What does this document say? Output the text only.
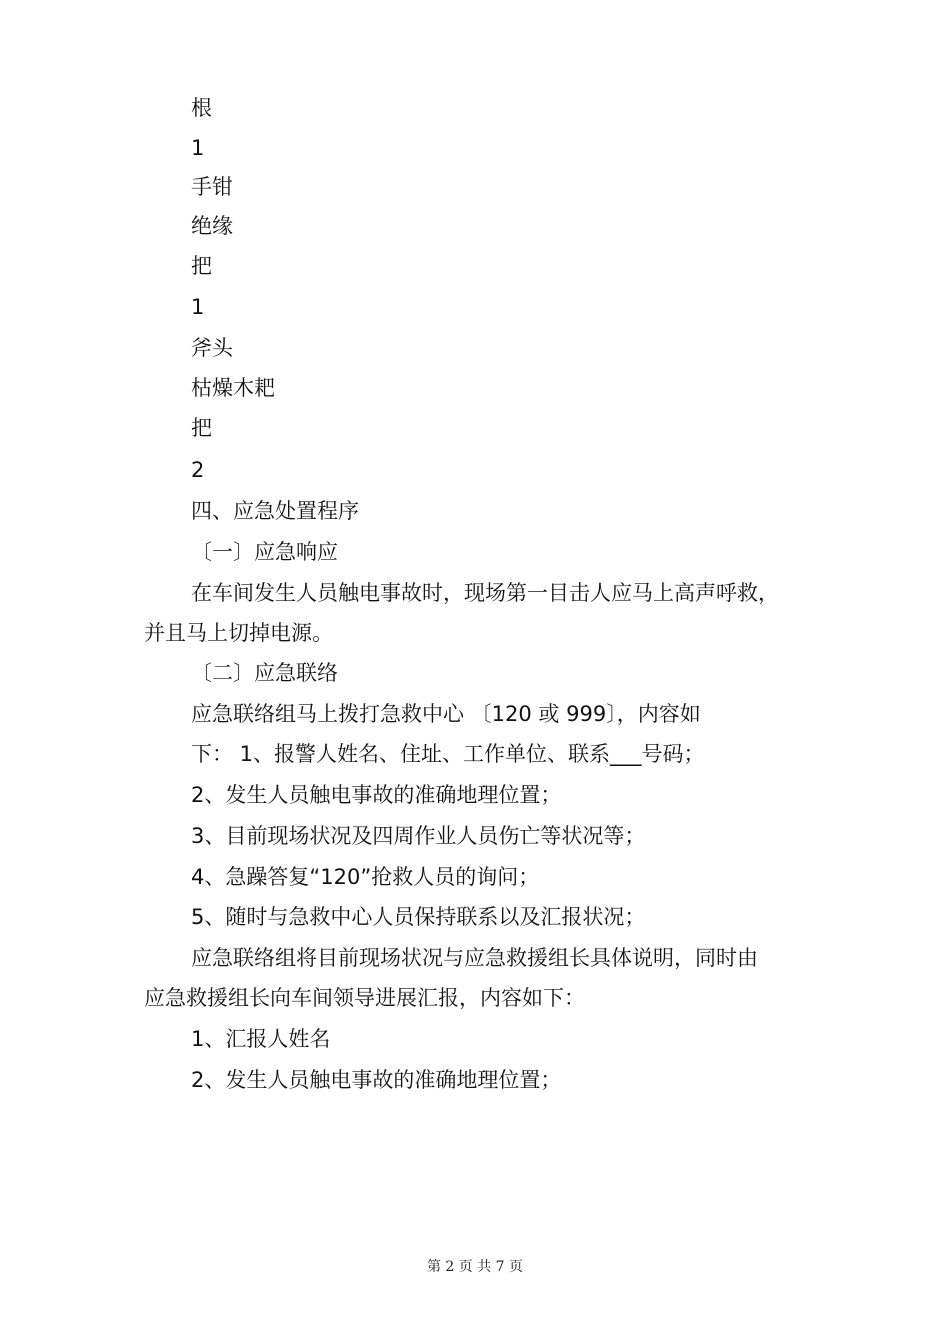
根
1
手钳
绝缘
把
1
斧头
枯燥木耙
把
2
四、应急处置程序
〔一〕应急响应
在车间发生人员触电事故时，现场第一目击人应马上高声呼救，
并且马上切掉电源。
〔二〕应急联络
应急联络组马上拨打急救中心 〔120 或 999〕，内容如
下： 1、报警人姓名、住址、工作单位、联系___号码；
2、发生人员触电事故的准确地理位置；
3、目前现场状况及四周作业人员伤亡等状况等；
4、急躁答复“120”抢救人员的询问；
5、随时与急救中心人员保持联系以及汇报状况；
应急联络组将目前现场状况与应急救援组长具体说明，同时由
应急救援组长向车间领导进展汇报，内容如下：
1、汇报人姓名
2、发生人员触电事故的准确地理位置；
第 2 页 共 7 页
